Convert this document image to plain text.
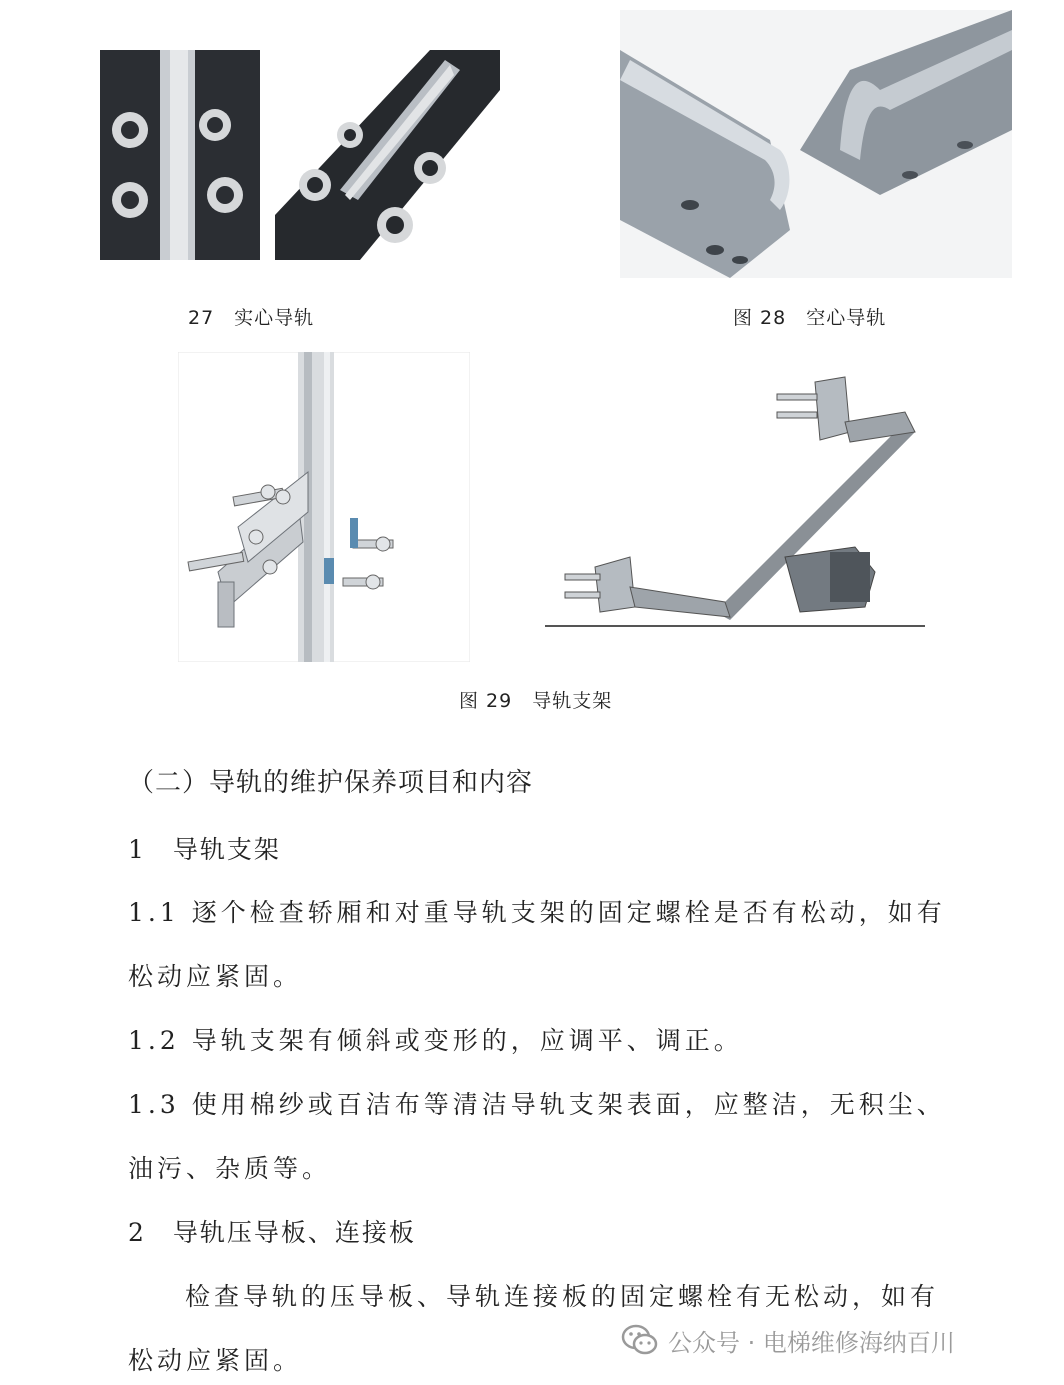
27　实心导轨	图 28　空心导轨
图 29　导轨支架
（二）导轨的维护保养项目和内容
1　导轨支架
1.1 逐个检查轿厢和对重导轨支架的固定螺栓是否有松动，如有
松动应紧固。
1.2 导轨支架有倾斜或变形的，应调平、调正。
1.3 使用棉纱或百洁布等清洁导轨支架表面，应整洁，无积尘、
油污、杂质等。
2　导轨压导板、连接板
检查导轨的压导板、导轨连接板的固定螺栓有无松动，如有
松动应紧固。
公众号 · 电梯维修海纳百川
